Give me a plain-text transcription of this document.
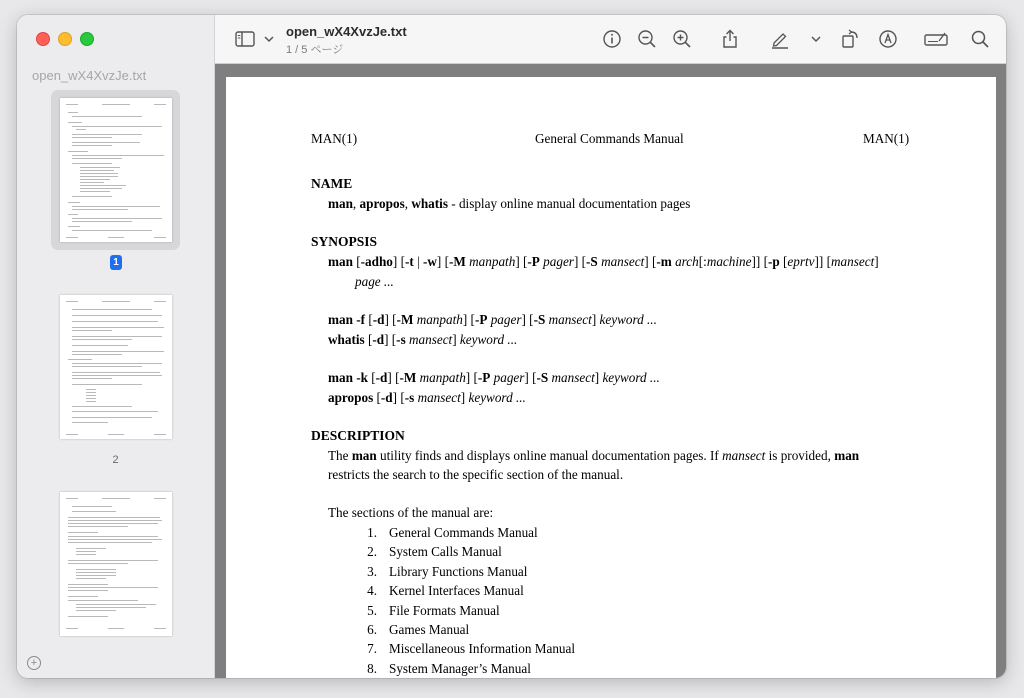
open_wX4XvzJe.txt
1
2
+
open_wX4XvzJe.txt
1 / 5 ページ
MAN(1)	General Commands Manual	MAN(1)
NAME
man, apropos, whatis - display online manual documentation pages
SYNOPSIS
man [-adho] [-t | -w] [-M manpath] [-P pager] [-S mansect] [-m arch[:machine]] [-p [eprtv]] [mansect]
page ...
man -f [-d] [-M manpath] [-P pager] [-S mansect] keyword ...
whatis [-d] [-s mansect] keyword ...
man -k [-d] [-M manpath] [-P pager] [-S mansect] keyword ...
apropos [-d] [-s mansect] keyword ...
DESCRIPTION
The man utility finds and displays online manual documentation pages. If mansect is provided, man
restricts the search to the specific section of the manual.
The sections of the manual are:
1. General Commands Manual
2. System Calls Manual
3. Library Functions Manual
4. Kernel Interfaces Manual
5. File Formats Manual
6. Games Manual
7. Miscellaneous Information Manual
8. System Manager’s Manual
